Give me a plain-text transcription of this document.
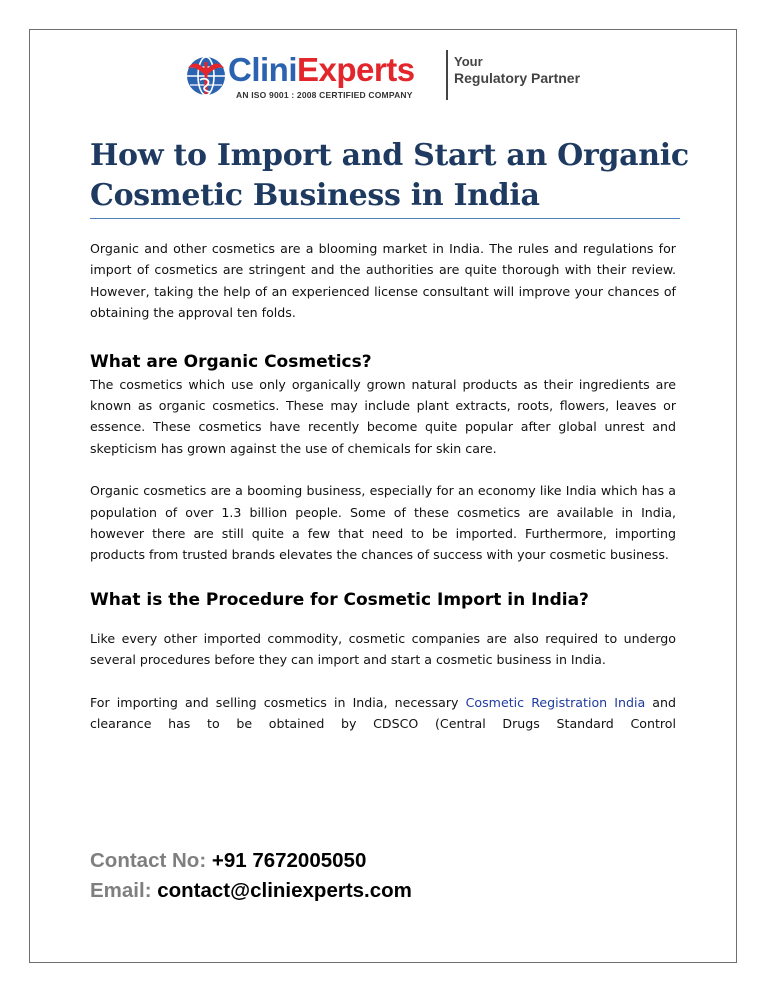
CliniExperts
AN ISO 9001 : 2008 CERTIFIED COMPANY
Your
Regulatory Partner
How to Import and Start an Organic Cosmetic Business in India

Organic and other cosmetics are a blooming market in India. The rules and regulations for import of cosmetics are stringent and the authorities are quite thorough with their review. However, taking the help of an experienced license consultant will improve your chances of obtaining the approval ten folds.

What are Organic Cosmetics?

The cosmetics which use only organically grown natural products as their ingredients are known as organic cosmetics. These may include plant extracts, roots, flowers, leaves or essence. These cosmetics have recently become quite popular after global unrest and skepticism has grown against the use of chemicals for skin care.

Organic cosmetics are a booming business, especially for an economy like India which has a population of over 1.3 billion people. Some of these cosmetics are available in India, however there are still quite a few that need to be imported. Furthermore, importing products from trusted brands elevates the chances of success with your cosmetic business.

What is the Procedure for Cosmetic Import in India?

Like every other imported commodity, cosmetic companies are also required to undergo several procedures before they can import and start a cosmetic business in India.

For importing and selling cosmetics in India, necessary Cosmetic Registration India and clearance has to be obtained by CDSCO (Central Drugs Standard Control

Contact No: +91 7672005050
Email: contact@cliniexperts.com
